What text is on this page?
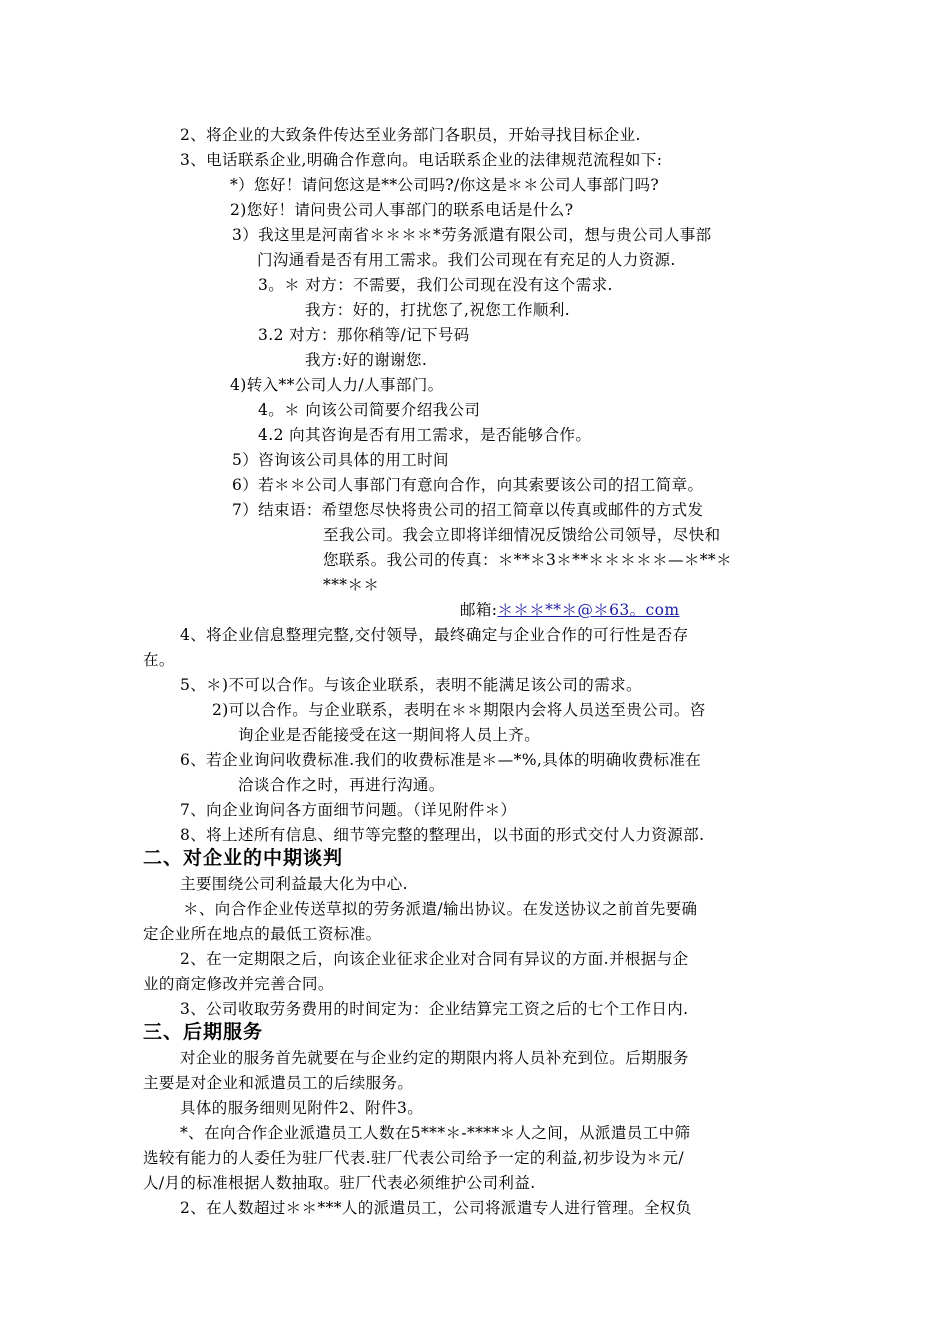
2、将企业的大致条件传达至业务部门各职员，开始寻找目标企业.
3、电话联系企业,明确合作意向。电话联系企业的法律规范流程如下:
*）您好！请问您这是**公司吗?/你这是＊＊公司人事部门吗?
2)您好！请问贵公司人事部门的联系电话是什么?
3）我这里是河南省＊＊＊＊*劳务派遣有限公司，想与贵公司人事部
门沟通看是否有用工需求。我们公司现在有充足的人力资源.
3。＊ 对方：不需要，我们公司现在没有这个需求.
我方：好的，打扰您了,祝您工作顺利.
3.2 对方：那你稍等/记下号码
我方:好的谢谢您.
4)转入**公司人力/人事部门。
4。＊ 向该公司简要介绍我公司
4.2 向其咨询是否有用工需求，是否能够合作。
5）咨询该公司具体的用工时间
6）若＊＊公司人事部门有意向合作，向其索要该公司的招工简章。
7）结束语：希望您尽快将贵公司的招工简章以传真或邮件的方式发
至我公司。我会立即将详细情况反馈给公司领导，尽快和
您联系。我公司的传真：＊**＊3＊**＊＊＊＊＊—＊**＊
***＊＊
邮箱:＊＊＊**＊@＊63。com
4、将企业信息整理完整,交付领导，最终确定与企业合作的可行性是否存
在。
5、＊)不可以合作。与该企业联系，表明不能满足该公司的需求。
2)可以合作。与企业联系，表明在＊＊期限内会将人员送至贵公司。咨
询企业是否能接受在这一期间将人员上齐。
6、若企业询问收费标准.我们的收费标准是＊—*%,具体的明确收费标准在
洽谈合作之时，再进行沟通。
7、向企业询问各方面细节问题。（详见附件＊）
8、将上述所有信息、细节等完整的整理出，以书面的形式交付人力资源部.
二、对企业的中期谈判
主要围绕公司利益最大化为中心.
＊、向合作企业传送草拟的劳务派遣/输出协议。在发送协议之前首先要确
定企业所在地点的最低工资标准。
2、在一定期限之后，向该企业征求企业对合同有异议的方面.并根据与企
业的商定修改并完善合同。
3、公司收取劳务费用的时间定为：企业结算完工资之后的七个工作日内.
三、后期服务
对企业的服务首先就要在与企业约定的期限内将人员补充到位。后期服务
主要是对企业和派遣员工的后续服务。
具体的服务细则见附件2、附件3。
*、在向合作企业派遣员工人数在5***＊-****＊人之间，从派遣员工中筛
选较有能力的人委任为驻厂代表.驻厂代表公司给予一定的利益,初步设为＊元/
人/月的标准根据人数抽取。驻厂代表必须维护公司利益.
2、在人数超过＊＊***人的派遣员工，公司将派遣专人进行管理。全权负
